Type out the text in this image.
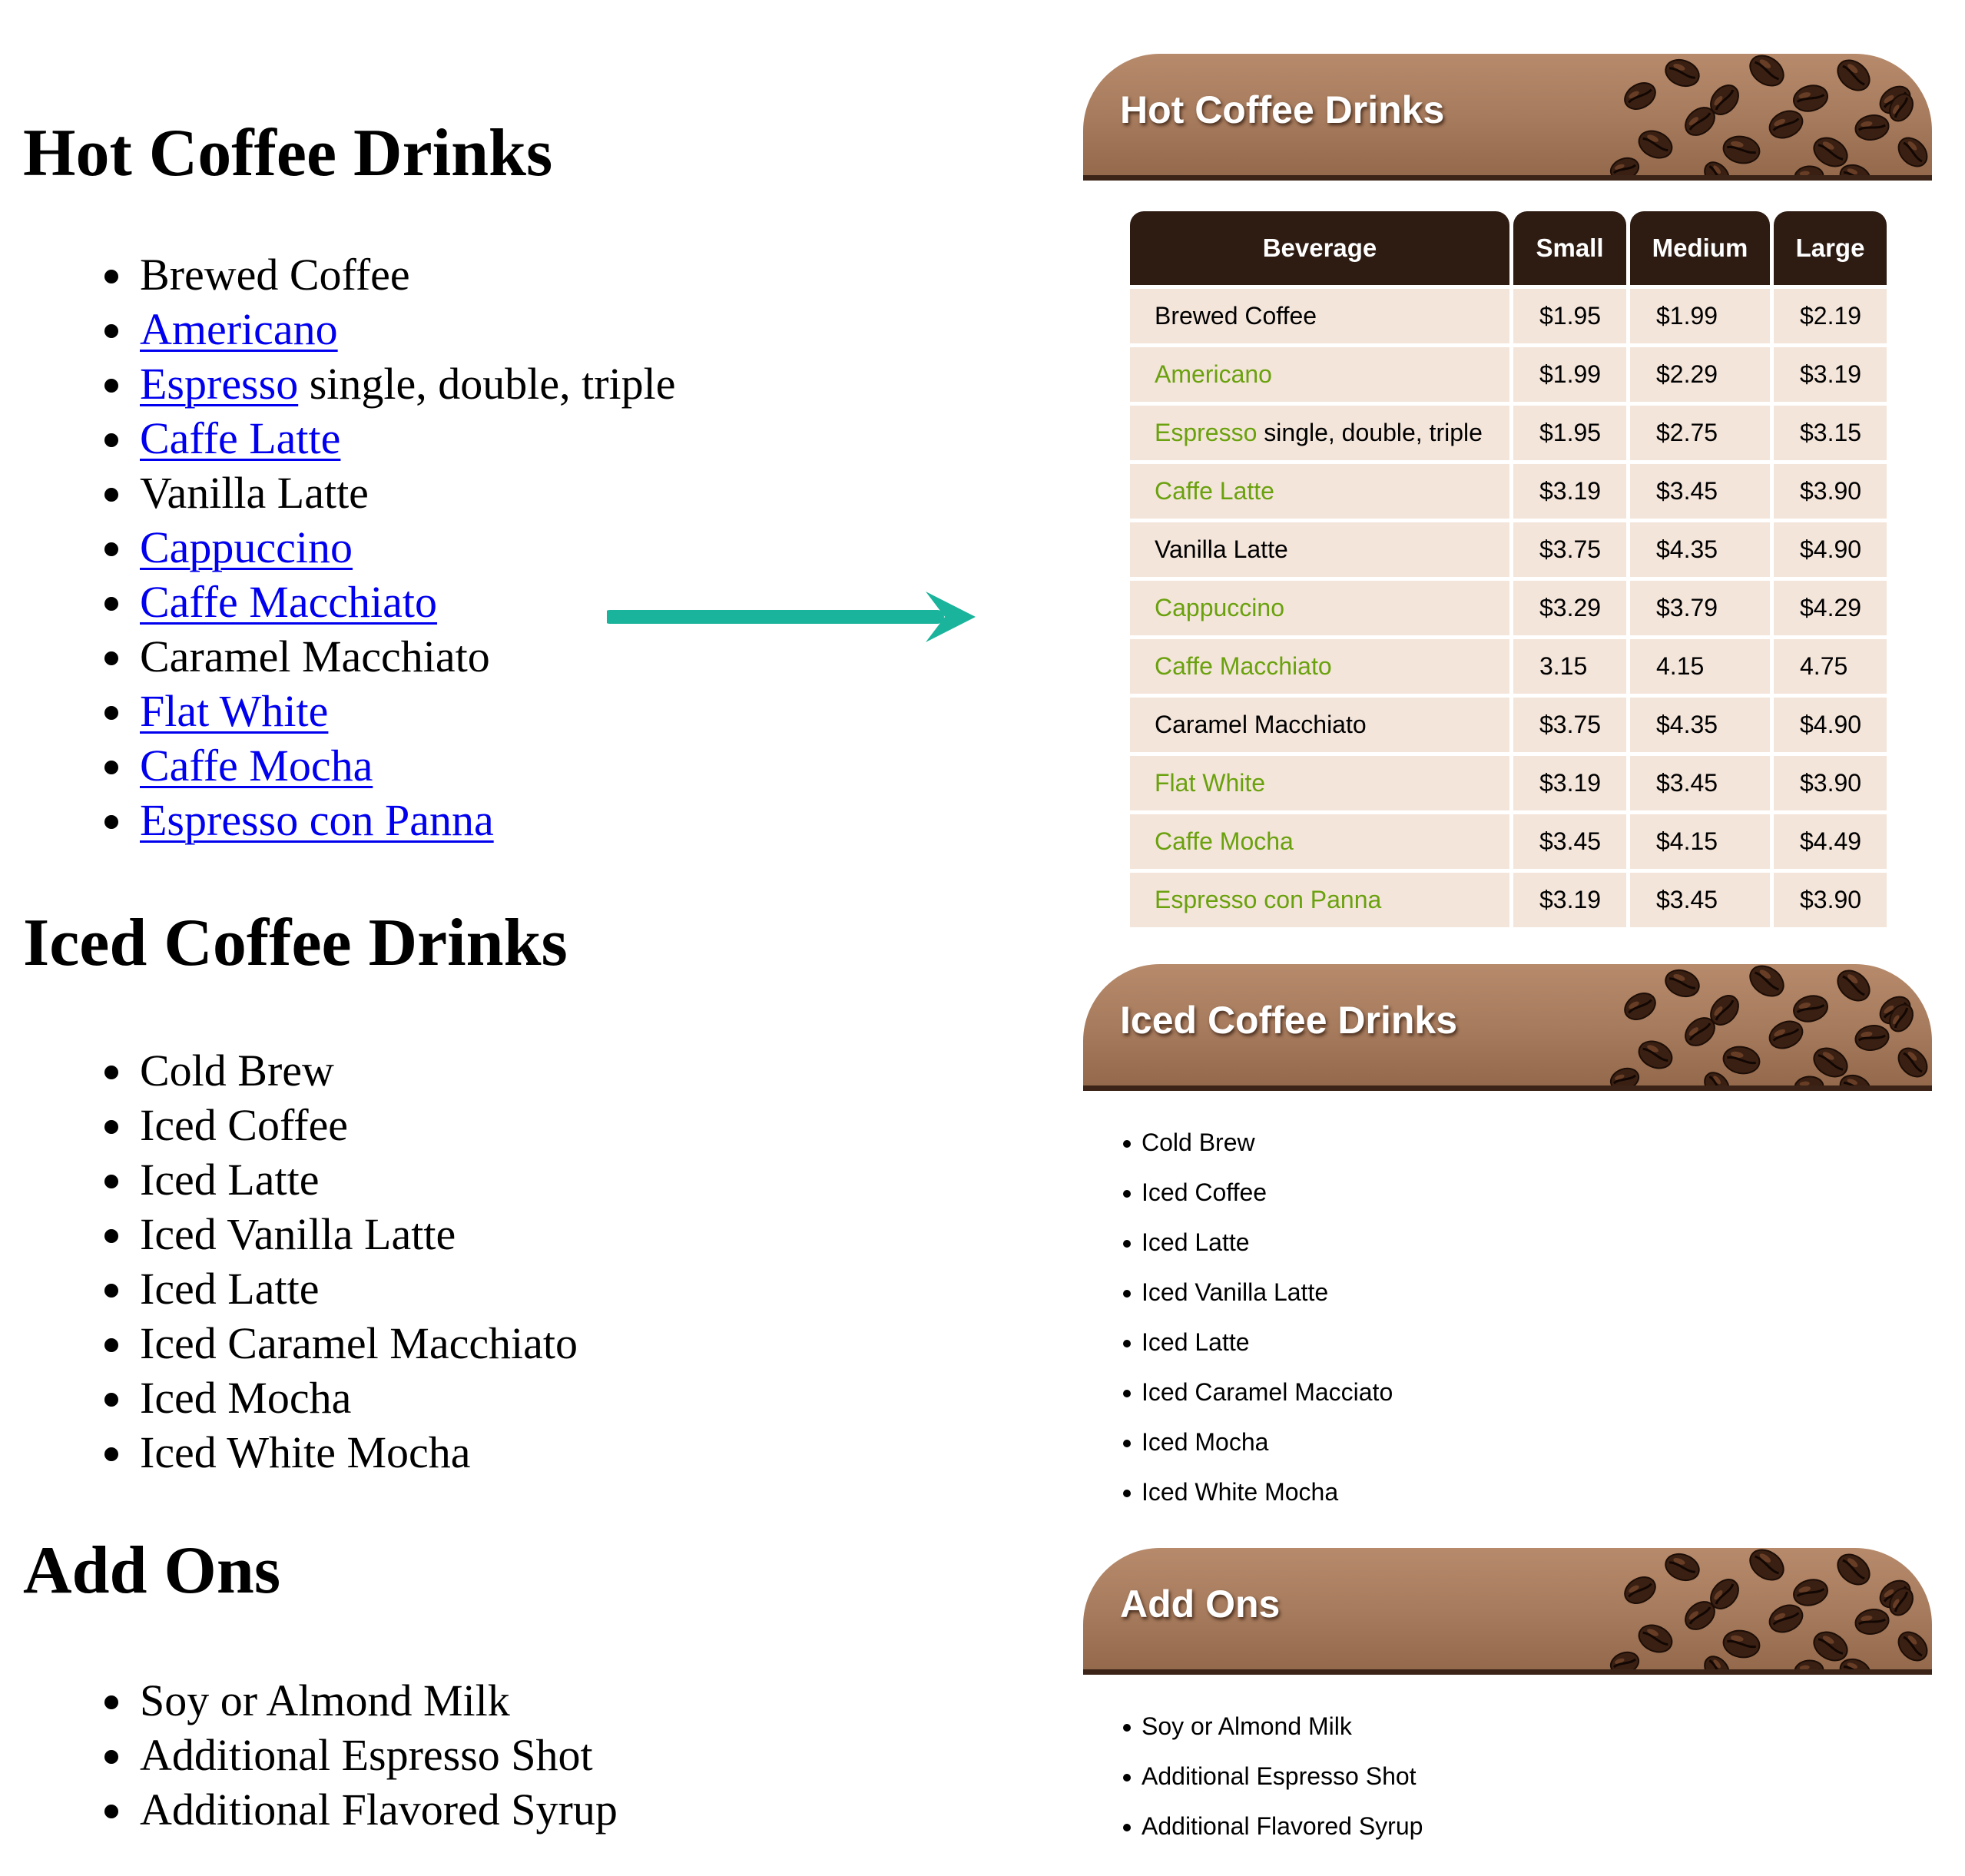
Hot Coffee Drinks
Brewed Coffee
Americano
Espresso single, double, triple
Caffe Latte
Vanilla Latte
Cappuccino
Caffe Macchiato
Caramel Macchiato
Flat White
Caffe Mocha
Espresso con Panna
Iced Coffee Drinks
Cold Brew
Iced Coffee
Iced Latte
Iced Vanilla Latte
Iced Latte
Iced Caramel Macchiato
Iced Mocha
Iced White Mocha
Add Ons
Soy or Almond Milk
Additional Espresso Shot
Additional Flavored Syrup
Hot Coffee Drinks
Beverage	Small	Medium	Large
Brewed Coffee	$1.95	$1.99	$2.19
Americano	$1.99	$2.29	$3.19
Espresso single, double, triple	$1.95	$2.75	$3.15
Caffe Latte	$3.19	$3.45	$3.90
Vanilla Latte	$3.75	$4.35	$4.90
Cappuccino	$3.29	$3.79	$4.29
Caffe Macchiato	3.15	4.15	4.75
Caramel Macchiato	$3.75	$4.35	$4.90
Flat White	$3.19	$3.45	$3.90
Caffe Mocha	$3.45	$4.15	$4.49
Espresso con Panna	$3.19	$3.45	$3.90
Iced Coffee Drinks
Cold Brew
Iced Coffee
Iced Latte
Iced Vanilla Latte
Iced Latte
Iced Caramel Macciato
Iced Mocha
Iced White Mocha
Add Ons
Soy or Almond Milk
Additional Espresso Shot
Additional Flavored Syrup
